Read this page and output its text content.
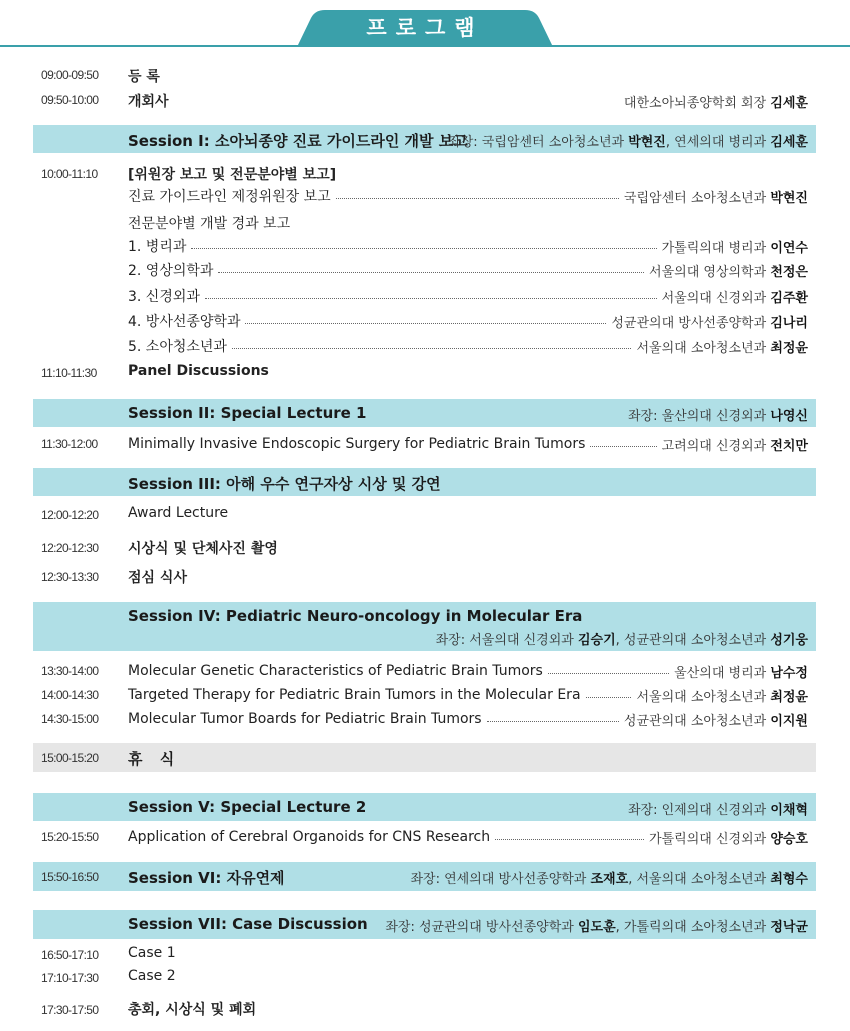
프로그램
09:00-09:50 등 록
09:50-10:00 개회사	대한소아뇌종양학회 회장 김세훈
Session I: 소아뇌종양 진료 가이드라인 개발 보고
좌장: 국립암센터 소아청소년과 박현진, 연세의대 병리과 김세훈
10:00-11:10 [위원장 보고 및 전문분야별 보고]
진료 가이드라인 제정위원장 보고	국립암센터 소아청소년과 박현진
전문분야별 개발 경과 보고
1. 병리과	가톨릭의대 병리과 이연수
2. 영상의학과	서울의대 영상의학과 천정은
3. 신경외과	서울의대 신경외과 김주환
4. 방사선종양학과	성균관의대 방사선종양학과 김나리
5. 소아청소년과	서울의대 소아청소년과 최정윤
11:10-11:30 Panel Discussions
Session II: Special Lecture 1	좌장: 울산의대 신경외과 나영신
11:30-12:00 Minimally Invasive Endoscopic Surgery for Pediatric Brain Tumors	고려의대 신경외과 전치만
Session III: 아해 우수 연구자상 시상 및 강연
12:00-12:20 Award Lecture
12:20-12:30 시상식 및 단체사진 촬영
12:30-13:30 점심 식사
Session IV: Pediatric Neuro-oncology in Molecular Era
좌장: 서울의대 신경외과 김승기, 성균관의대 소아청소년과 성기웅
13:30-14:00 Molecular Genetic Characteristics of Pediatric Brain Tumors	울산의대 병리과 남수정
14:00-14:30 Targeted Therapy for Pediatric Brain Tumors in the Molecular Era	서울의대 소아청소년과 최정윤
14:30-15:00 Molecular Tumor Boards for Pediatric Brain Tumors	성균관의대 소아청소년과 이지원
15:00-15:20 휴 식
Session V: Special Lecture 2	좌장: 인제의대 신경외과 이채혁
15:20-15:50 Application of Cerebral Organoids for CNS Research	가톨릭의대 신경외과 양승호
15:50-16:50 Session VI: 자유연제	좌장: 연세의대 방사선종양학과 조재호, 서울의대 소아청소년과 최형수
Session VII: Case Discussion 좌장: 성균관의대 방사선종양학과 임도훈, 가톨릭의대 소아청소년과 정낙균
16:50-17:10 Case 1
17:10-17:30 Case 2
17:30-17:50 총회, 시상식 및 폐회
